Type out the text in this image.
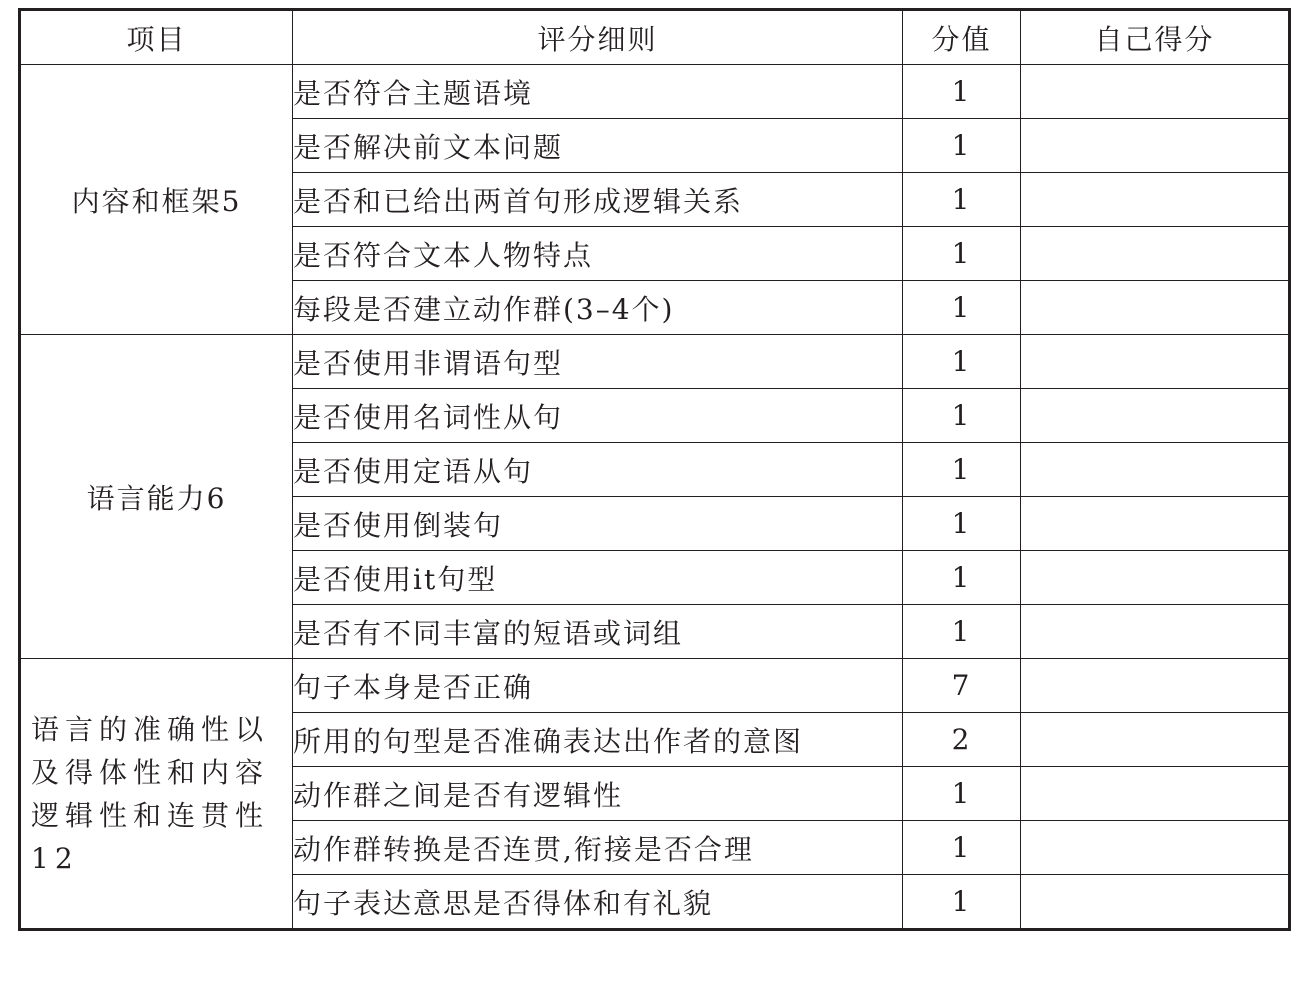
项目	评分细则	分值	自己得分
内容和框架5	是否符合主题语境	1	
	是否解决前文本问题	1	
	是否和已给出两首句形成逻辑关系	1	
	是否符合文本人物特点	1	
	每段是否建立动作群(3–4个)	1	
语言能力6	是否使用非谓语句型	1	
	是否使用名词性从句	1	
	是否使用定语从句	1	
	是否使用倒装句	1	
	是否使用it句型	1	
	是否有不同丰富的短语或词组	1	
语言的准确性以及得体性和内容逻辑性和连贯性12	句子本身是否正确	7	
	所用的句型是否准确表达出作者的意图	2	
	动作群之间是否有逻辑性	1	
	动作群转换是否连贯,衔接是否合理	1	
	句子表达意思是否得体和有礼貌	1	
